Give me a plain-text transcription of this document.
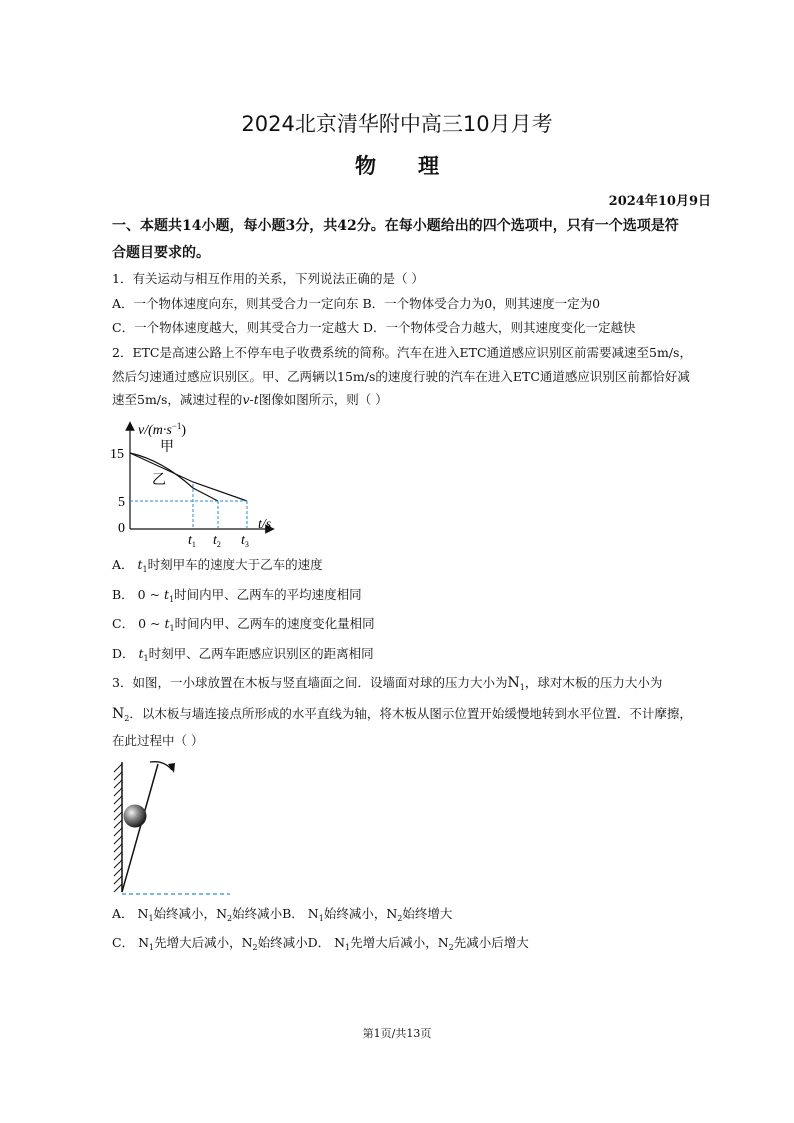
2024北京清华附中高三10月月考
物 理
2024年10月9日
一、本题共14小题，每小题3分，共42分。在每小题给出的四个选项中，只有一个选项是符合题目要求的。
1．有关运动与相互作用的关系，下列说法正确的是（ ）
A．一个物体速度向东，则其受合力一定向东 B．一个物体受合力为0，则其速度一定为0
C．一个物体速度越大，则其受合力一定越大 D．一个物体受合力越大，则其速度变化一定越快
2．ETC是高速公路上不停车电子收费系统的简称。汽车在进入ETC通道感应识别区前需要减速至5m/s，
然后匀速通过感应识别区。甲、乙两辆以15m/s的速度行驶的汽车在进入ETC通道感应识别区前都恰好减
速至5m/s，减速过程的v-t图像如图所示，则（ ）
$v/(m\cdot s^{-1})$
甲
乙
15
5
0
$t_1$ $t_2$ $t_3$
t/s
A． $t_1$时刻甲车的速度大于乙车的速度
B． 0 ~ $t_1$时间内甲、乙两车的平均速度相同
C． 0 ~ $t_1$时间内甲、乙两车的速度变化量相同
D． $t_1$时刻甲、乙两车距感应识别区的距离相同
3．如图，一小球放置在木板与竖直墙面之间．设墙面对球的压力大小为$N_1$，球对木板的压力大小为
$N_2$．以木板与墙连接点所形成的水平直线为轴，将木板从图示位置开始缓慢地转到水平位置．不计摩擦，
在此过程中（ ）
A． $N_1$始终减小，$N_2$始终减小B． $N_1$始终减小，$N_2$始终增大
C． $N_1$先增大后减小，$N_2$始终减小D． $N_1$先增大后减小，$N_2$先减小后增大
第1页/共13页
